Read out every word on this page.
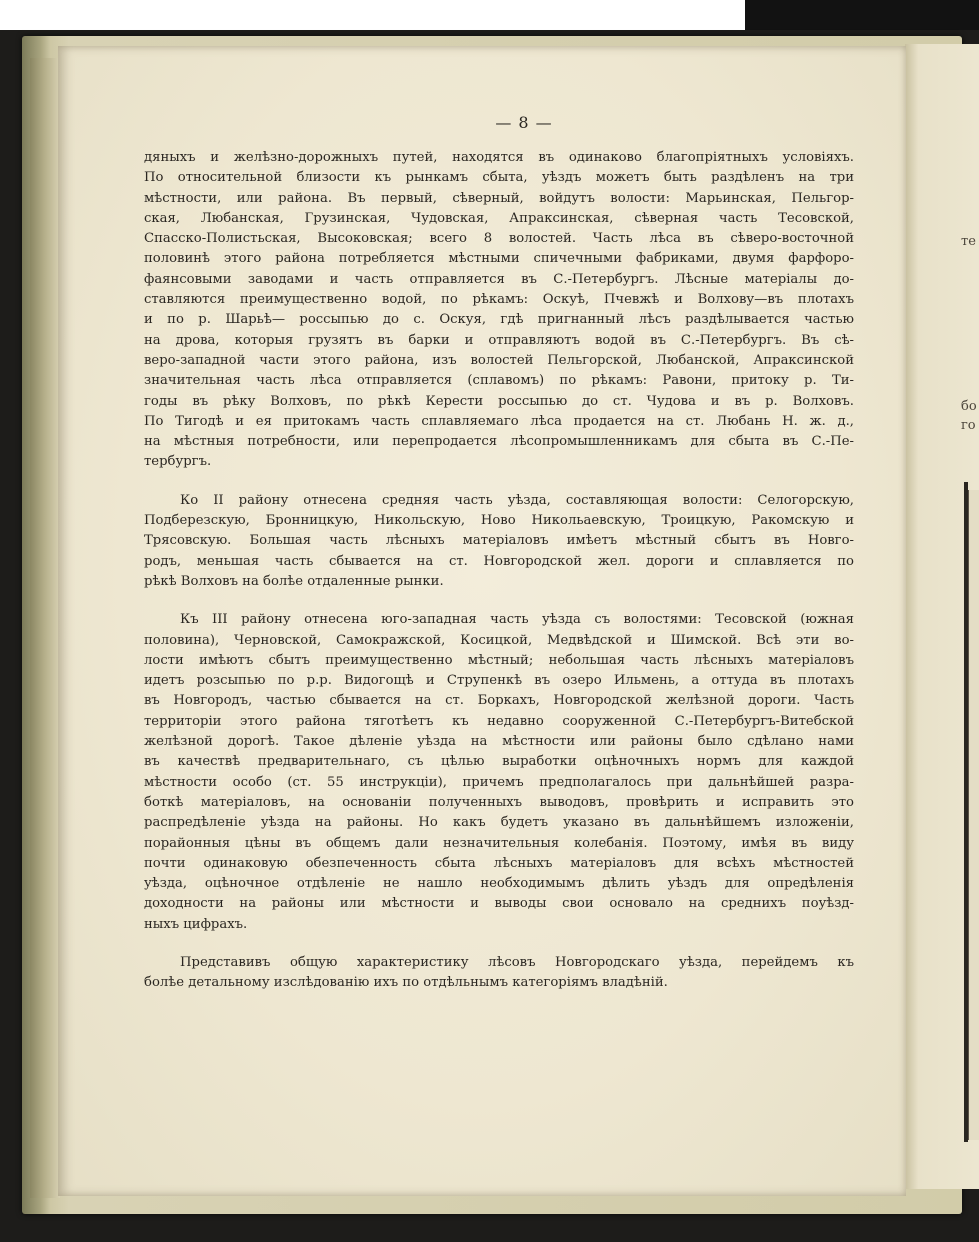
те
бо
го
— 8 —
дяныхъ и желѣзно-дорожныхъ путей, находятся въ одинаково благопріятныхъ условіяхъ.
По относительной близости къ рынкамъ сбыта, уѣздъ можетъ быть раздѣленъ на три
мѣстности, или района. Въ первый, сѣверный, войдутъ волости: Марьинская, Пельгор-
ская, Любанская, Грузинская, Чудовская, Апраксинская, сѣверная часть Тесовской,
Спасско-Полистьская, Высоковская; всего 8 волостей. Часть лѣса въ сѣверо-восточной
половинѣ этого района потребляется мѣстными спичечными фабриками, двумя фарфоро-
фаянсовыми заводами и часть отправляется въ С.-Петербургъ. Лѣсные матеріалы до-
ставляются преимущественно водой, по рѣкамъ: Оскуѣ, Пчевжѣ и Волхову—въ плотахъ
и по р. Шарьѣ— россыпью до с. Оскуя, гдѣ пригнанный лѣсъ раздѣлывается частью
на дрова, которыя грузятъ въ барки и отправляютъ водой въ С.-Петербургъ. Въ сѣ-
веро-западной части этого района, изъ волостей Пельгорской, Любанской, Апраксинской
значительная часть лѣса отправляется (сплавомъ) по рѣкамъ: Равони, притоку р. Ти-
годы въ рѣку Волховъ, по рѣкѣ Керести россыпью до ст. Чудова и въ р. Волховъ.
По Тигодѣ и ея притокамъ часть сплавляемаго лѣса продается на ст. Любань Н. ж. д.,
на мѣстныя потребности, или перепродается лѣсопромышленникамъ для сбыта въ С.-Пе-
тербургъ.
Ко II району отнесена средняя часть уѣзда, составляющая волости: Селогорскую,
Подберезскую, Бронницкую, Никольскую, Ново Никольаевскую, Троицкую, Ракомскую и
Трясовскую. Большая часть лѣсныхъ матеріаловъ имѣетъ мѣстный сбытъ въ Новго-
родъ, меньшая часть сбывается на ст. Новгородской жел. дороги и сплавляется по
рѣкѣ Волховъ на болѣе отдаленные рынки.
Къ III району отнесена юго-западная часть уѣзда съ волостями: Тесовской (южная
половина), Черновской, Самокражской, Косицкой, Медвѣдской и Шимской. Всѣ эти во-
лости имѣютъ сбытъ преимущественно мѣстный; небольшая часть лѣсныхъ матеріаловъ
идетъ розсыпью по р.р. Видогощѣ и Струпенкѣ въ озеро Ильмень, а оттуда въ плотахъ
въ Новгородъ, частью сбывается на ст. Боркахъ, Новгородской желѣзной дороги. Часть
территоріи этого района тяготѣетъ къ недавно сооруженной С.-Петербургъ-Витебской
желѣзной дорогѣ. Такое дѣленіе уѣзда на мѣстности или районы было сдѣлано нами
въ качествѣ предварительнаго, съ цѣлью выработки оцѣночныхъ нормъ для каждой
мѣстности особо (ст. 55 инструкціи), причемъ предполагалось при дальнѣйшей разра-
боткѣ матеріаловъ, на основаніи полученныхъ выводовъ, провѣрить и исправить это
распредѣленіе уѣзда на районы. Но какъ будетъ указано въ дальнѣйшемъ изложеніи,
порайонныя цѣны въ общемъ дали незначительныя колебанія. Поэтому, имѣя въ виду
почти одинаковую обезпеченность сбыта лѣсныхъ матеріаловъ для всѣхъ мѣстностей
уѣзда, оцѣночное отдѣленіе не нашло необходимымъ дѣлить уѣздъ для опредѣленія
доходности на районы или мѣстности и выводы свои основало на среднихъ поуѣзд-
ныхъ цифрахъ.
Представивъ общую характеристику лѣсовъ Новгородскаго уѣзда, перейдемъ къ
болѣе детальному изслѣдованію ихъ по отдѣльнымъ категоріямъ владѣній.
